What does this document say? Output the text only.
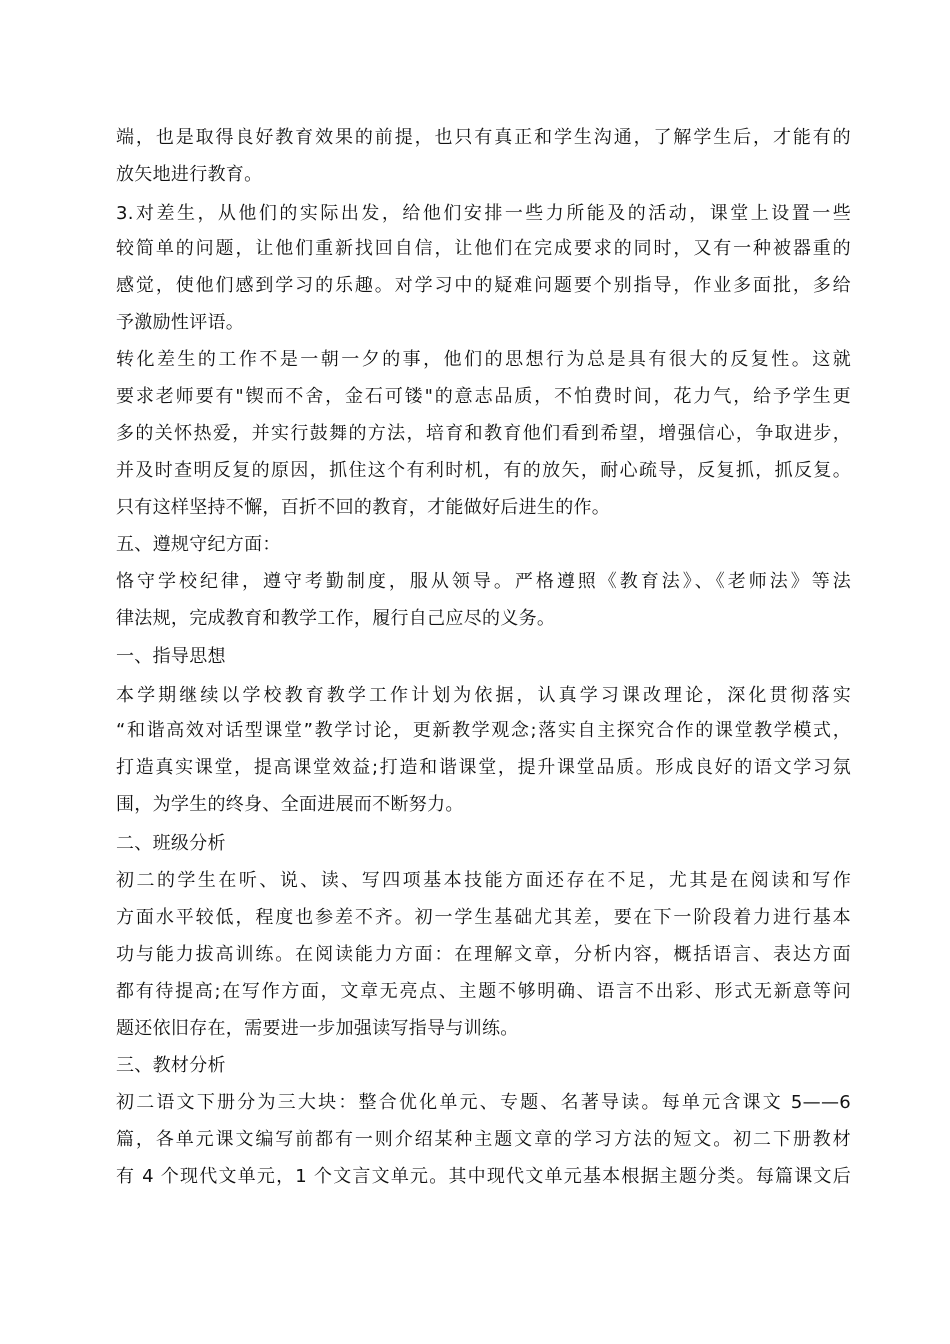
端，也是取得良好教育效果的前提，也只有真正和学生沟通，了解学生后，才能有的
放矢地进行教育。
3.对差生，从他们的实际出发，给他们安排一些力所能及的活动，课堂上设置一些
较简单的问题，让他们重新找回自信，让他们在完成要求的同时，又有一种被器重的
感觉，使他们感到学习的乐趣。对学习中的疑难问题要个别指导，作业多面批，多给
予激励性评语。
转化差生的工作不是一朝一夕的事，他们的思想行为总是具有很大的反复性。这就
要求老师要有"锲而不舍，金石可镂"的意志品质，不怕费时间，花力气，给予学生更
多的关怀热爱，并实行鼓舞的方法，培育和教育他们看到希望，增强信心，争取进步，
并及时查明反复的原因，抓住这个有利时机，有的放矢，耐心疏导，反复抓，抓反复。
只有这样坚持不懈，百折不回的教育，才能做好后进生的作。
五、遵规守纪方面：
恪守学校纪律，遵守考勤制度，服从领导。严格遵照《教育法》、《老师法》等法
律法规，完成教育和教学工作，履行自己应尽的义务。
一、指导思想
本学期继续以学校教育教学工作计划为依据，认真学习课改理论，深化贯彻落实
“和谐高效对话型课堂”教学讨论，更新教学观念;落实自主探究合作的课堂教学模式，
打造真实课堂，提高课堂效益;打造和谐课堂，提升课堂品质。形成良好的语文学习氛
围，为学生的终身、全面进展而不断努力。
二、班级分析
初二的学生在听、说、读、写四项基本技能方面还存在不足，尤其是在阅读和写作
方面水平较低，程度也参差不齐。初一学生基础尤其差，要在下一阶段着力进行基本
功与能力拔高训练。在阅读能力方面：在理解文章，分析内容，概括语言、表达方面
都有待提高;在写作方面，文章无亮点、主题不够明确、语言不出彩、形式无新意等问
题还依旧存在，需要进一步加强读写指导与训练。
三、教材分析
初二语文下册分为三大块：整合优化单元、专题、名著导读。每单元含课文 5——6
篇，各单元课文编写前都有一则介绍某种主题文章的学习方法的短文。初二下册教材
有 4 个现代文单元，1 个文言文单元。其中现代文单元基本根据主题分类。每篇课文后
